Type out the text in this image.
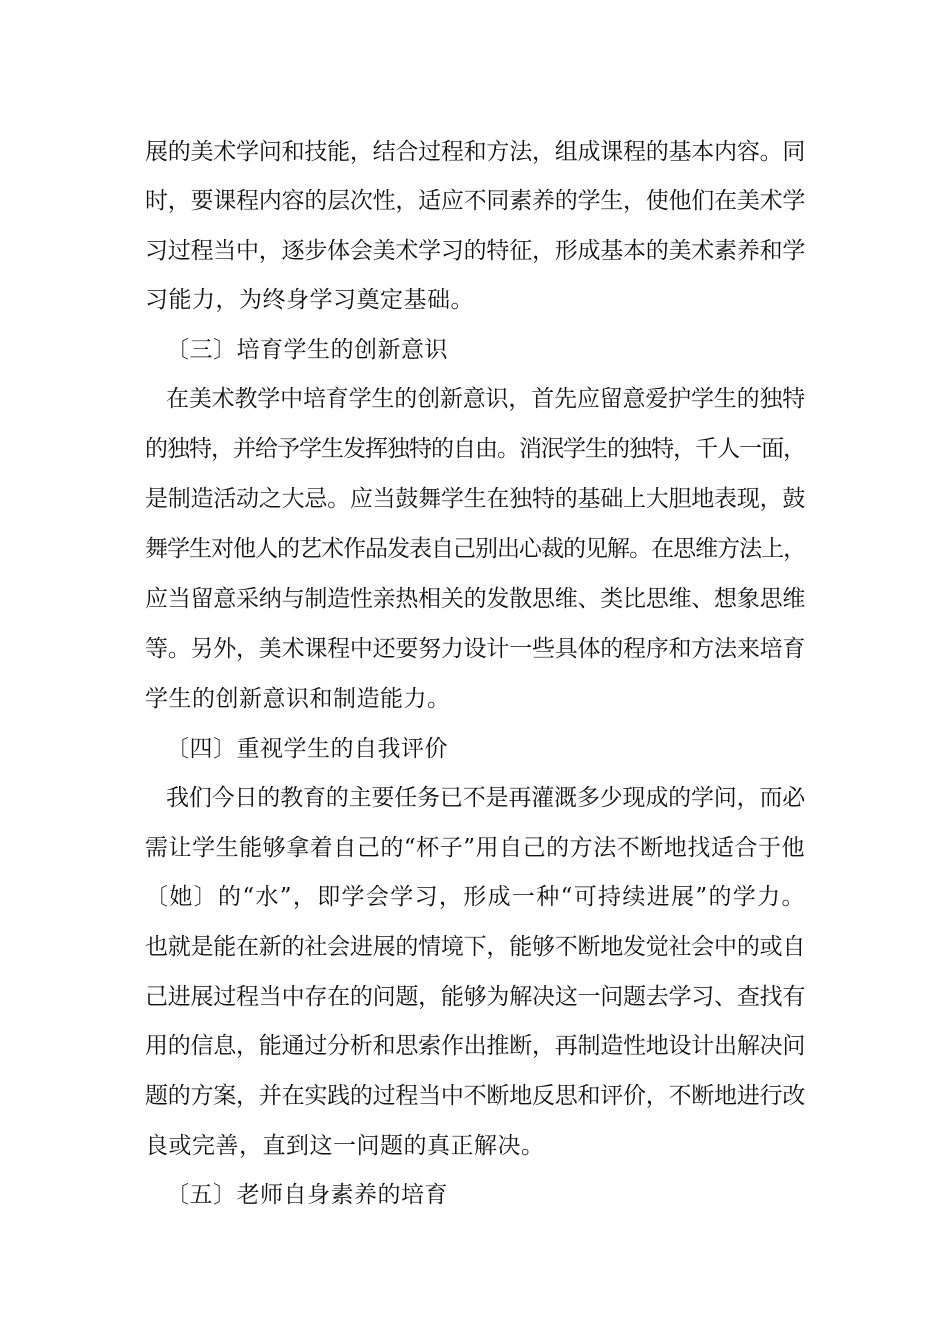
展的美术学问和技能，结合过程和方法，组成课程的基本内容。同
时，要课程内容的层次性，适应不同素养的学生，使他们在美术学
习过程当中，逐步体会美术学习的特征，形成基本的美术素养和学
习能力，为终身学习奠定基础。
〔三〕培育学生的创新意识
在美术教学中培育学生的创新意识，首先应留意爱护学生的独特
的独特，并给予学生发挥独特的自由。消泯学生的独特，千人一面，
是制造活动之大忌。应当鼓舞学生在独特的基础上大胆地表现，鼓
舞学生对他人的艺术作品发表自己别出心裁的见解。在思维方法上，
应当留意采纳与制造性亲热相关的发散思维、类比思维、想象思维
等。另外，美术课程中还要努力设计一些具体的程序和方法来培育
学生的创新意识和制造能力。
〔四〕重视学生的自我评价
我们今日的教育的主要任务已不是再灌溉多少现成的学问，而必
需让学生能够拿着自己的“杯子”用自己的方法不断地找适合于他
〔她〕的“水”，即学会学习，形成一种“可持续进展”的学力。
也就是能在新的社会进展的情境下，能够不断地发觉社会中的或自
己进展过程当中存在的问题，能够为解决这一问题去学习、查找有
用的信息，能通过分析和思索作出推断，再制造性地设计出解决问
题的方案，并在实践的过程当中不断地反思和评价，不断地进行改
良或完善，直到这一问题的真正解决。
〔五〕老师自身素养的培育
